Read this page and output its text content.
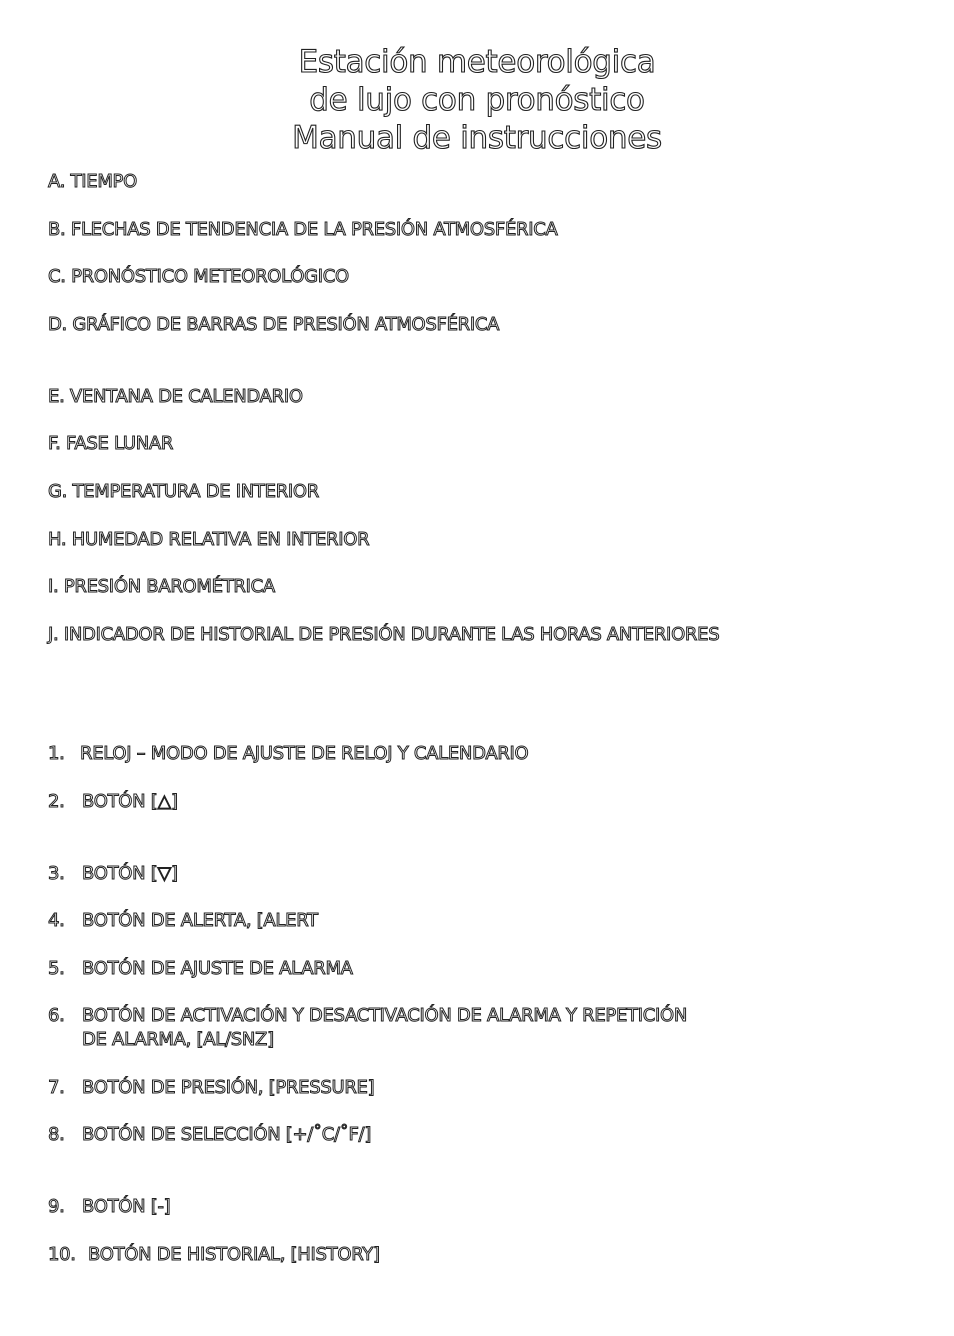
Estación meteorológica
de lujo con pronóstico
Manual de instrucciones
A. TIEMPO
B. FLECHAS DE TENDENCIA DE LA PRESIÓN ATMOSFÉRICA
C. PRONÓSTICO METEOROLÓGICO
D. GRÁFICO DE BARRAS DE PRESIÓN ATMOSFÉRICA
E. VENTANA DE CALENDARIO
F. FASE LUNAR
G. TEMPERATURA DE INTERIOR
H. HUMEDAD RELATIVA EN INTERIOR
I. PRESIÓN BAROMÉTRICA
J. INDICADOR DE HISTORIAL DE PRESIÓN DURANTE LAS HORAS ANTERIORES
1. RELOJ – MODO DE AJUSTE DE RELOJ Y CALENDARIO
2. BOTÓN [△]
3. BOTÓN [▽]
4. BOTÓN DE ALERTA, [ALERT
5. BOTÓN DE AJUSTE DE ALARMA
6. BOTÓN DE ACTIVACIÓN Y DESACTIVACIÓN DE ALARMA Y REPETICIÓN
DE ALARMA, [AL/SNZ]
7. BOTÓN DE PRESIÓN, [PRESSURE]
8. BOTÓN DE SELECCIÓN [+/˚C/˚F/]
9. BOTÓN [-]
10. BOTÓN DE HISTORIAL, [HISTORY]
